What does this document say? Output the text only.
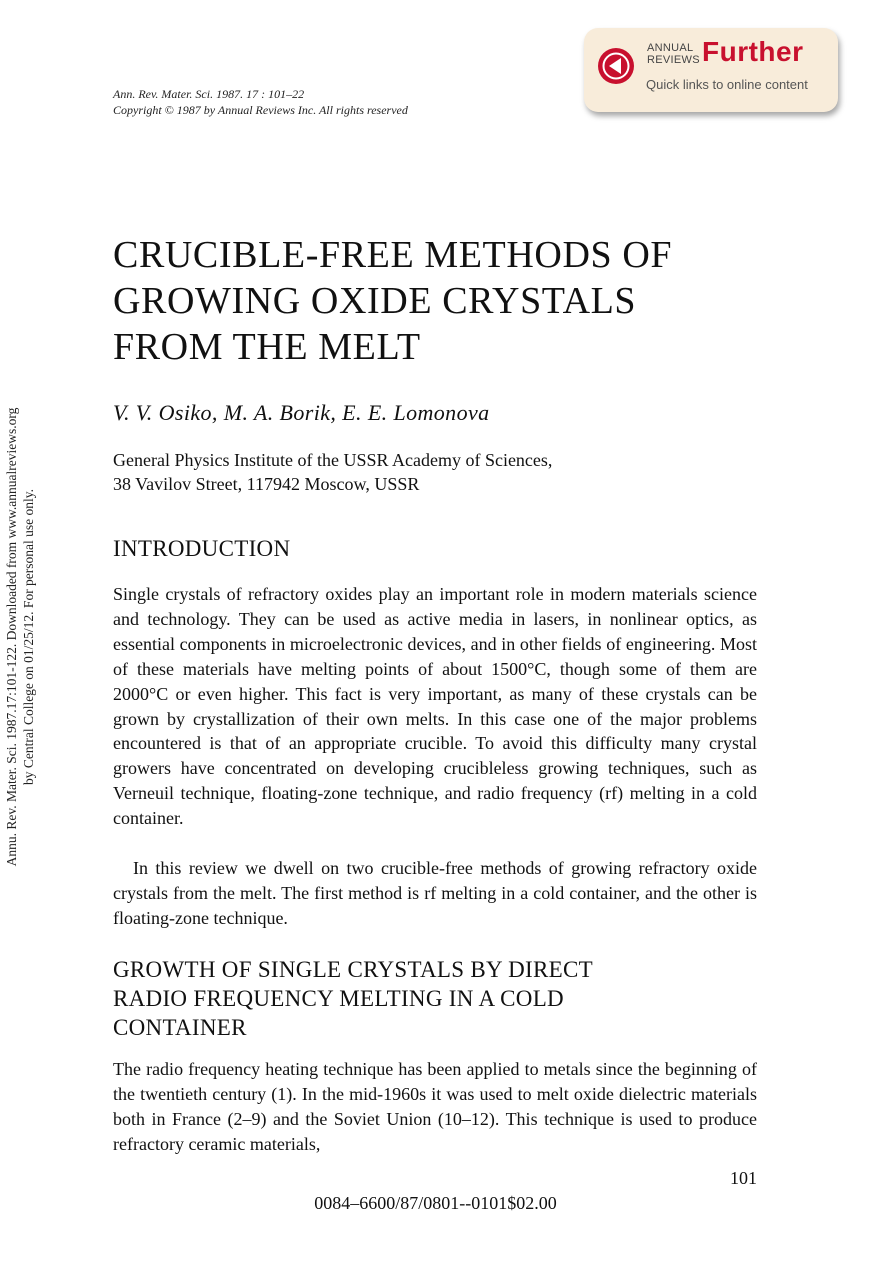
Ann. Rev. Mater. Sci. 1987. 17 : 101–22
Copyright © 1987 by Annual Reviews Inc. All rights reserved
ANNUAL
REVIEWS Further
Quick links to online content
Annu. Rev. Mater. Sci. 1987.17:101-122. Downloaded from www.annualreviews.org by Central College on 01/25/12. For personal use only.
CRUCIBLE-FREE METHODS OF
GROWING OXIDE CRYSTALS
FROM THE MELT
V. V. Osiko, M. A. Borik, E. E. Lomonova
General Physics Institute of the USSR Academy of Sciences,
38 Vavilov Street, 117942 Moscow, USSR
INTRODUCTION
Single crystals of refractory oxides play an important role in modern materials science and technology. They can be used as active media in lasers, in nonlinear optics, as essential components in microelectronic devices, and in other fields of engineering. Most of these materials have melting points of about 1500°C, though some of them are 2000°C or even higher. This fact is very important, as many of these crystals can be grown by crystallization of their own melts. In this case one of the major problems encountered is that of an appropriate crucible. To avoid this difficulty many crystal growers have concentrated on developing crucibleless growing techniques, such as Verneuil technique, floating-zone technique, and radio frequency (rf) melting in a cold container.
In this review we dwell on two crucible-free methods of growing refractory oxide crystals from the melt. The first method is rf melting in a cold container, and the other is floating-zone technique.
GROWTH OF SINGLE CRYSTALS BY DIRECT
RADIO FREQUENCY MELTING IN A COLD
CONTAINER
The radio frequency heating technique has been applied to metals since the beginning of the twentieth century (1). In the mid-1960s it was used to melt oxide dielectric materials both in France (2–9) and the Soviet Union (10–12). This technique is used to produce refractory ceramic materials,
101
0084–6600/87/0801--0101$02.00
